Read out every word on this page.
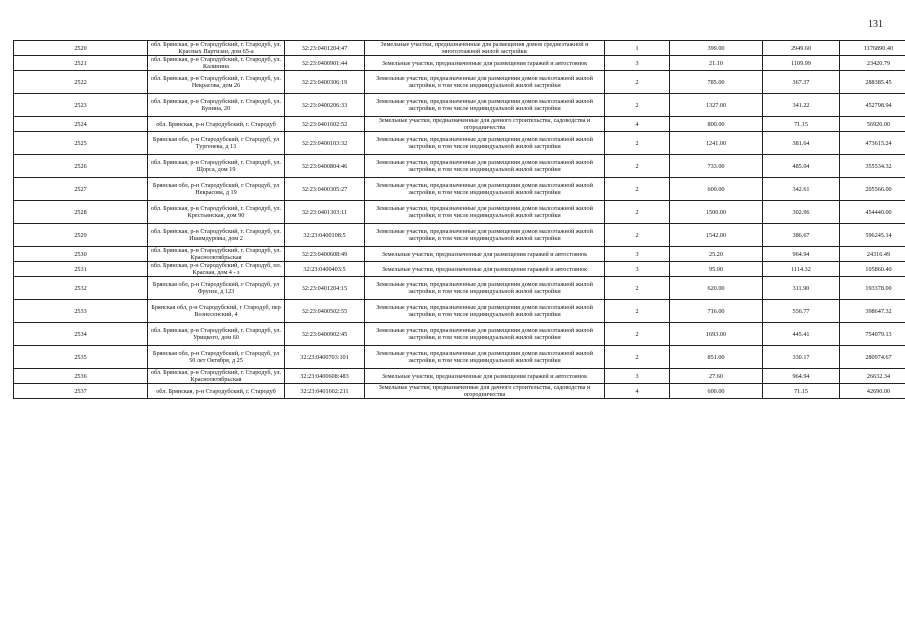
131
2520	обл. Брянская, р-н Стародубский, г. Стародуб, ул. Красных Партизан, дом 65-а	32:23:0401204:47	Земельные участки, предназначенные для размещения домов среднеэтажной и многоэтажной жилой застройки	1	399.00	2949.60	1176890.40
2521	обл. Брянская, р-н Стародубский, г. Стародуб, ул. Калинина	32:23:0400901:44	Земельные участки, предназначенные для размещения гаражей и автостоянок	3	21.10	1109.99	23420.79
2522	обл. Брянская, р-н Стародубский, г. Стародуб, ул. Некрасова, дом 26	32:23:0400306:19	Земельные участки, предназначенные для размещения домов малоэтажной жилой застройки, в том числе индивидуальной жилой застройки	2	785.00	367.37	288385.45
2523	обл. Брянская, р-н Стародубский, г. Стародуб, ул. Бунина, 20	32:23:0400206:33	Земельные участки, предназначенные для размещения домов малоэтажной жилой застройки, в том числе индивидуальной жилой застройки	2	1327.00	341.22	452798.94
2524	обл. Брянская, р-н Стародубский, г. Стародуб	32:23:0401602:52	Земельные участки, предназначенные для дачного строительства, садоводства и огородничества	4	800.00	71.15	56920.00
2525	Брянская обл, р-н Стародубский, г Стародуб, ул Тургенева, д 13	32:23:0400103:32	Земельные участки, предназначенные для размещения домов малоэтажной жилой застройки, в том числе индивидуальной жилой застройки	2	1241.00	381.64	473615.24
2526	обл. Брянская, р-н Стародубский, г. Стародуб, ул. Щорса, дом 19	32:23:0400804:46	Земельные участки, предназначенные для размещения домов малоэтажной жилой застройки, в том числе индивидуальной жилой застройки	2	733.00	485.04	355534.32
2527	Брянская обл, р-н Стародубский, г Стародуб, ул Некрасова, д 19	32:23:0400305:27	Земельные участки, предназначенные для размещения домов малоэтажной жилой застройки, в том числе индивидуальной жилой застройки	2	600.00	342.61	205566.00
2528	обл. Брянская, р-н Стародубский, г. Стародуб, ул. Крестьянская, дом 90	32:23:0401303:11	Земельные участки, предназначенные для размещения домов малоэтажной жилой застройки, в том числе индивидуальной жилой застройки	2	1500.00	302.96	454440.00
2529	обл. Брянская, р-н Стародубский, г. Стародуб, ул. Ишимдуровы, дом 2	32:23:0400108:5	Земельные участки, предназначенные для размещения домов малоэтажной жилой застройки, в том числе индивидуальной жилой застройки	2	1542.00	386.67	596245.14
2530	обл. Брянская, р-н Стародубский, г. Стародуб, ул. Краснооктябрьская	32:23:0400608:49	Земельные участки, предназначенные для размещения гаражей и автостоянок	3	25.20	964.94	24316.49
2531	обл. Брянская, р-н Стародубский, г. Стародуб, пл. Красная, дом 4 - з	32:23:0400403:5	Земельные участки, предназначенные для размещения гаражей и автостоянок	3	95.00	1114.32	105860.40
2532	Брянская обл, р-н Стародубский, г Стародуб, ул Фрунзе, д 123	32:23:0401204:15	Земельные участки, предназначенные для размещения домов малоэтажной жилой застройки, в том числе индивидуальной жилой застройки	2	620.00	311.90	193378.00
2533	Брянская обл, р-н Стародубский, г Стародуб, пер Вознесенский, 4	32:23:0400502:55	Земельные участки, предназначенные для размещения домов малоэтажной жилой застройки, в том числе индивидуальной жилой застройки	2	716.00	556.77	398647.32
2534	обл. Брянская, р-н Стародубский, г. Стародуб, ул. Урицкого, дом 60	32:23:0400902:45	Земельные участки, предназначенные для размещения домов малоэтажной жилой застройки, в том числе индивидуальной жилой застройки	2	1693.00	445.41	754079.13
2535	Брянская обл, р-н Стародубский, г Стародуб, ул 50 лет Октября, д 25	32:23:0400703:101	Земельные участки, предназначенные для размещения домов малоэтажной жилой застройки, в том числе индивидуальной жилой застройки	2	851.00	330.17	280974.67
2536	обл. Брянская, р-н Стародубский, г. Стародуб, ул. Краснооктябрьская	32:23:0400608:483	Земельные участки, предназначенные для размещения гаражей и автостоянок	3	27.60	964.94	26632.34
2537	обл. Брянская, р-н Стародубский, г. Стародуб	32:23:0401602:211	Земельные участки, предназначенные для дачного строительства, садоводства и огородничества	4	600.00	71.15	42690.00
